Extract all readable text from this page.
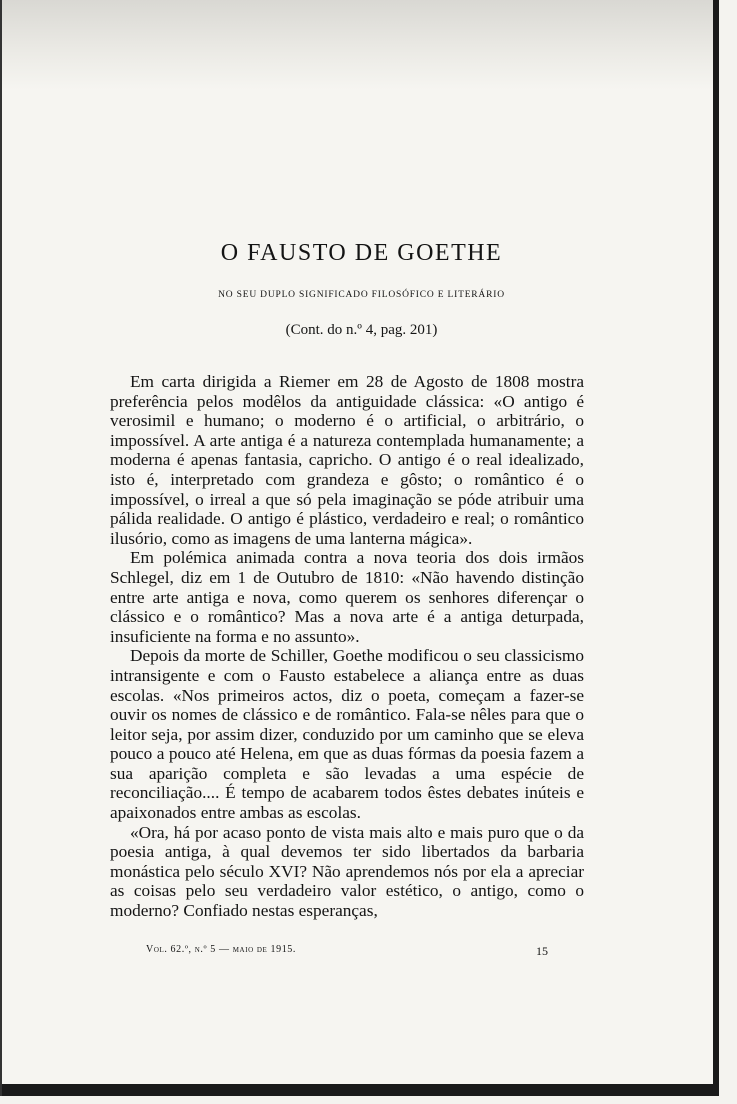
O FAUSTO DE GOETHE

NO SEU DUPLO SIGNIFICADO FILOSÓFICO E LITERÁRIO

(Cont. do n.º 4, pag. 201)

Em carta dirigida a Riemer em 28 de Agosto de 1808 mostra preferência pelos modêlos da antiguidade clássica: «O antigo é verosimil e humano; o moderno é o artificial, o arbitrário, o impossível. A arte antiga é a natureza contemplada humanamente; a moderna é apenas fantasia, capricho. O antigo é o real idealizado, isto é, interpretado com grandeza e gôsto; o romântico é o impossível, o irreal a que só pela imaginação se póde atribuir uma pálida realidade. O antigo é plástico, verdadeiro e real; o romântico ilusório, como as imagens de uma lanterna mágica».

Em polémica animada contra a nova teoria dos dois irmãos Schlegel, diz em 1 de Outubro de 1810: «Não havendo distinção entre arte antiga e nova, como querem os senhores diferençar o clássico e o romântico? Mas a nova arte é a antiga deturpada, insuficiente na forma e no assunto».

Depois da morte de Schiller, Goethe modificou o seu classicismo intransigente e com o Fausto estabelece a aliança entre as duas escolas. «Nos primeiros actos, diz o poeta, começam a fazer-se ouvir os nomes de clássico e de romântico. Fala-se nêles para que o leitor seja, por assim dizer, conduzido por um caminho que se eleva pouco a pouco até Helena, em que as duas fórmas da poesia fazem a sua aparição completa e são levadas a uma espécie de reconciliação.... É tempo de acabarem todos êstes debates inúteis e apaixonados entre ambas as escolas.

«Ora, há por acaso ponto de vista mais alto e mais puro que o da poesia antiga, à qual devemos ter sido libertados da barbaria monástica pelo século XVI? Não aprendemos nós por ela a apreciar as coisas pelo seu verdadeiro valor estético, o antigo, como o moderno? Confiado nestas esperanças,

Vol. 62.º, n.º 5 — maio de 1915.	15
